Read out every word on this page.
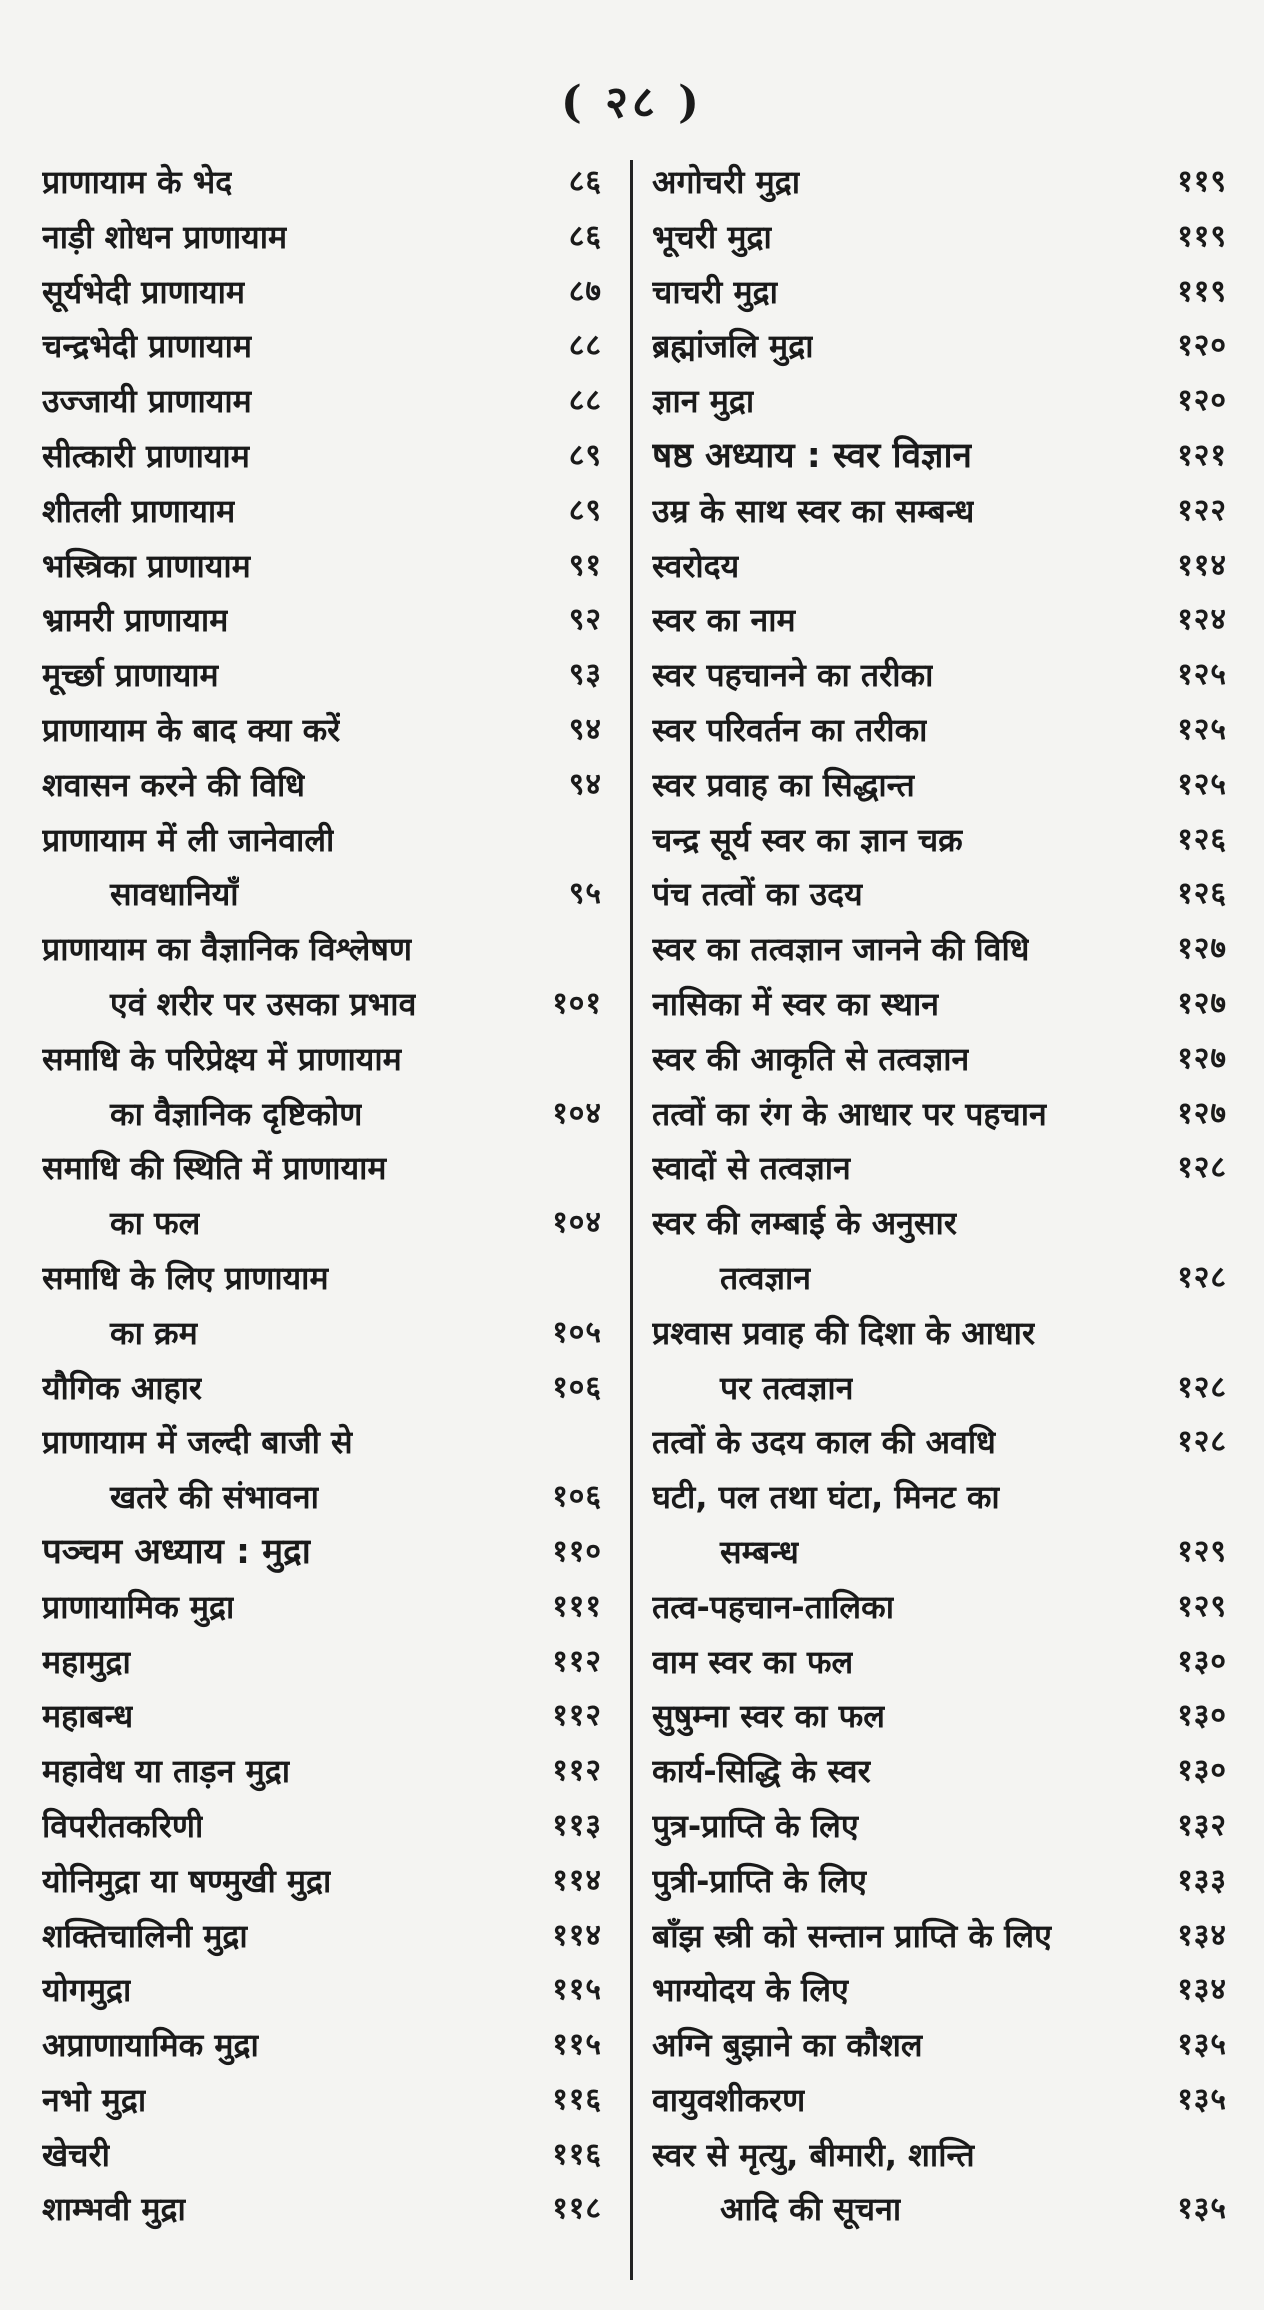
( २८ )
प्राणायाम के भेद	८६
नाड़ी शोधन प्राणायाम	८६
सूर्यभेदी प्राणायाम	८७
चन्द्रभेदी प्राणायाम	८८
उज्जायी प्राणायाम	८८
सीत्कारी प्राणायाम	८९
शीतली प्राणायाम	८९
भस्त्रिका प्राणायाम	९१
भ्रामरी प्राणायाम	९२
मूर्च्छा प्राणायाम	९३
प्राणायाम के बाद क्या करें	९४
शवासन करने की विधि	९४
प्राणायाम में ली जानेवाली
सावधानियाँ	९५
प्राणायाम का वैज्ञानिक विश्लेषण
एवं शरीर पर उसका प्रभाव	१०१
समाधि के परिप्रेक्ष्य में प्राणायाम
का वैज्ञानिक दृष्टिकोण	१०४
समाधि की स्थिति में प्राणायाम
का फल	१०४
समाधि के लिए प्राणायाम
का क्रम	१०५
यौगिक आहार	१०६
प्राणायाम में जल्दी बाजी से
खतरे की संभावना	१०६
पञ्चम अध्याय : मुद्रा	११०
प्राणायामिक मुद्रा	१११
महामुद्रा	११२
महाबन्ध	११२
महावेध या ताड़न मुद्रा	११२
विपरीतकरिणी	११३
योनिमुद्रा या षण्मुखी मुद्रा	११४
शक्तिचालिनी मुद्रा	११४
योगमुद्रा	११५
अप्राणायामिक मुद्रा	११५
नभो मुद्रा	११६
खेचरी	११६
शाम्भवी मुद्रा	११८
अगोचरी मुद्रा	११९
भूचरी मुद्रा	११९
चाचरी मुद्रा	११९
ब्रह्मांजलि मुद्रा	१२०
ज्ञान मुद्रा	१२०
षष्ठ अध्याय : स्वर विज्ञान	१२१
उम्र के साथ स्वर का सम्बन्ध	१२२
स्वरोदय	११४
स्वर का नाम	१२४
स्वर पहचानने का तरीका	१२५
स्वर परिवर्तन का तरीका	१२५
स्वर प्रवाह का सिद्धान्त	१२५
चन्द्र सूर्य स्वर का ज्ञान चक्र	१२६
पंच तत्वों का उदय	१२६
स्वर का तत्वज्ञान जानने की विधि	१२७
नासिका में स्वर का स्थान	१२७
स्वर की आकृति से तत्वज्ञान	१२७
तत्वों का रंग के आधार पर पहचान	१२७
स्वादों से तत्वज्ञान	१२८
स्वर की लम्बाई के अनुसार
तत्वज्ञान	१२८
प्रश्वास प्रवाह की दिशा के आधार
पर तत्वज्ञान	१२८
तत्वों के उदय काल की अवधि	१२८
घटी, पल तथा घंटा, मिनट का
सम्बन्ध	१२९
तत्व-पहचान-तालिका	१२९
वाम स्वर का फल	१३०
सुषुम्ना स्वर का फल	१३०
कार्य-सिद्धि के स्वर	१३०
पुत्र-प्राप्ति के लिए	१३२
पुत्री-प्राप्ति के लिए	१३३
बाँझ स्त्री को सन्तान प्राप्ति के लिए	१३४
भाग्योदय के लिए	१३४
अग्नि बुझाने का कौशल	१३५
वायुवशीकरण	१३५
स्वर से मृत्यु, बीमारी, शान्ति
आदि की सूचना	१३५
